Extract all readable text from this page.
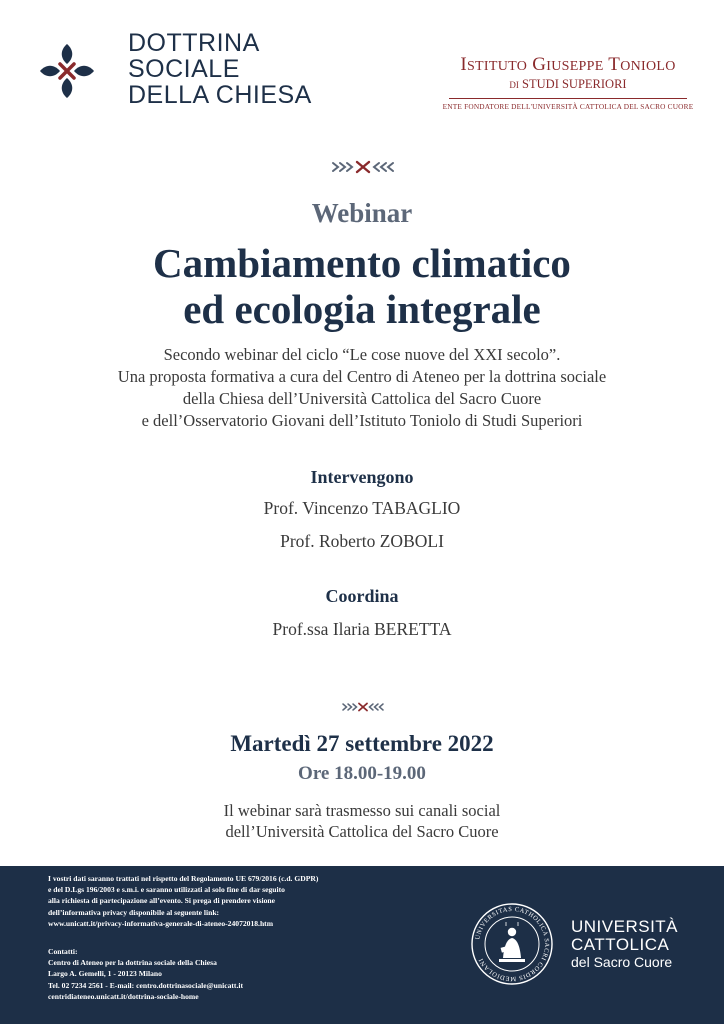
DOTTRINA
SOCIALE
DELLA CHIESA
ISTITUTO GIUSEPPE TONIOLO
DI STUDI SUPERIORI
ENTE FONDATORE DELL'UNIVERSITÀ CATTOLICA DEL SACRO CUORE
Webinar
Cambiamento climatico
ed ecologia integrale
Secondo webinar del ciclo “Le cose nuove del XXI secolo”.
Una proposta formativa a cura del Centro di Ateneo per la dottrina sociale
della Chiesa dell’Università Cattolica del Sacro Cuore
e dell’Osservatorio Giovani dell’Istituto Toniolo di Studi Superiori
Intervengono
Prof. Vincenzo TABAGLIO
Prof. Roberto ZOBOLI
Coordina
Prof.ssa Ilaria BERETTA
Martedì 27 settembre 2022
Ore 18.00-19.00
Il webinar sarà trasmesso sui canali social
dell’Università Cattolica del Sacro Cuore
I vostri dati saranno trattati nel rispetto del Regolamento UE 679/2016 (c.d. GDPR)
e del D.Lgs 196/2003 e s.m.i. e saranno utilizzati al solo fine di dar seguito
alla richiesta di partecipazione all’evento. Si prega di prendere visione
dell’informativa privacy disponibile al seguente link:
www.unicatt.it/privacy-informativa-generale-di-ateneo-24072018.htm
Contatti:
Centro di Ateneo per la dottrina sociale della Chiesa
Largo A. Gemelli, 1 - 20123 Milano
Tel. 02 7234 2561 - E-mail: centro.dottrinasociale@unicatt.it
centridiateneo.unicatt.it/dottrina-sociale-home
UNIVERSITAS CATHOLICA SACRI CORDIS MEDIOLANI
UNIVERSITÀ
CATTOLICA
del Sacro Cuore
